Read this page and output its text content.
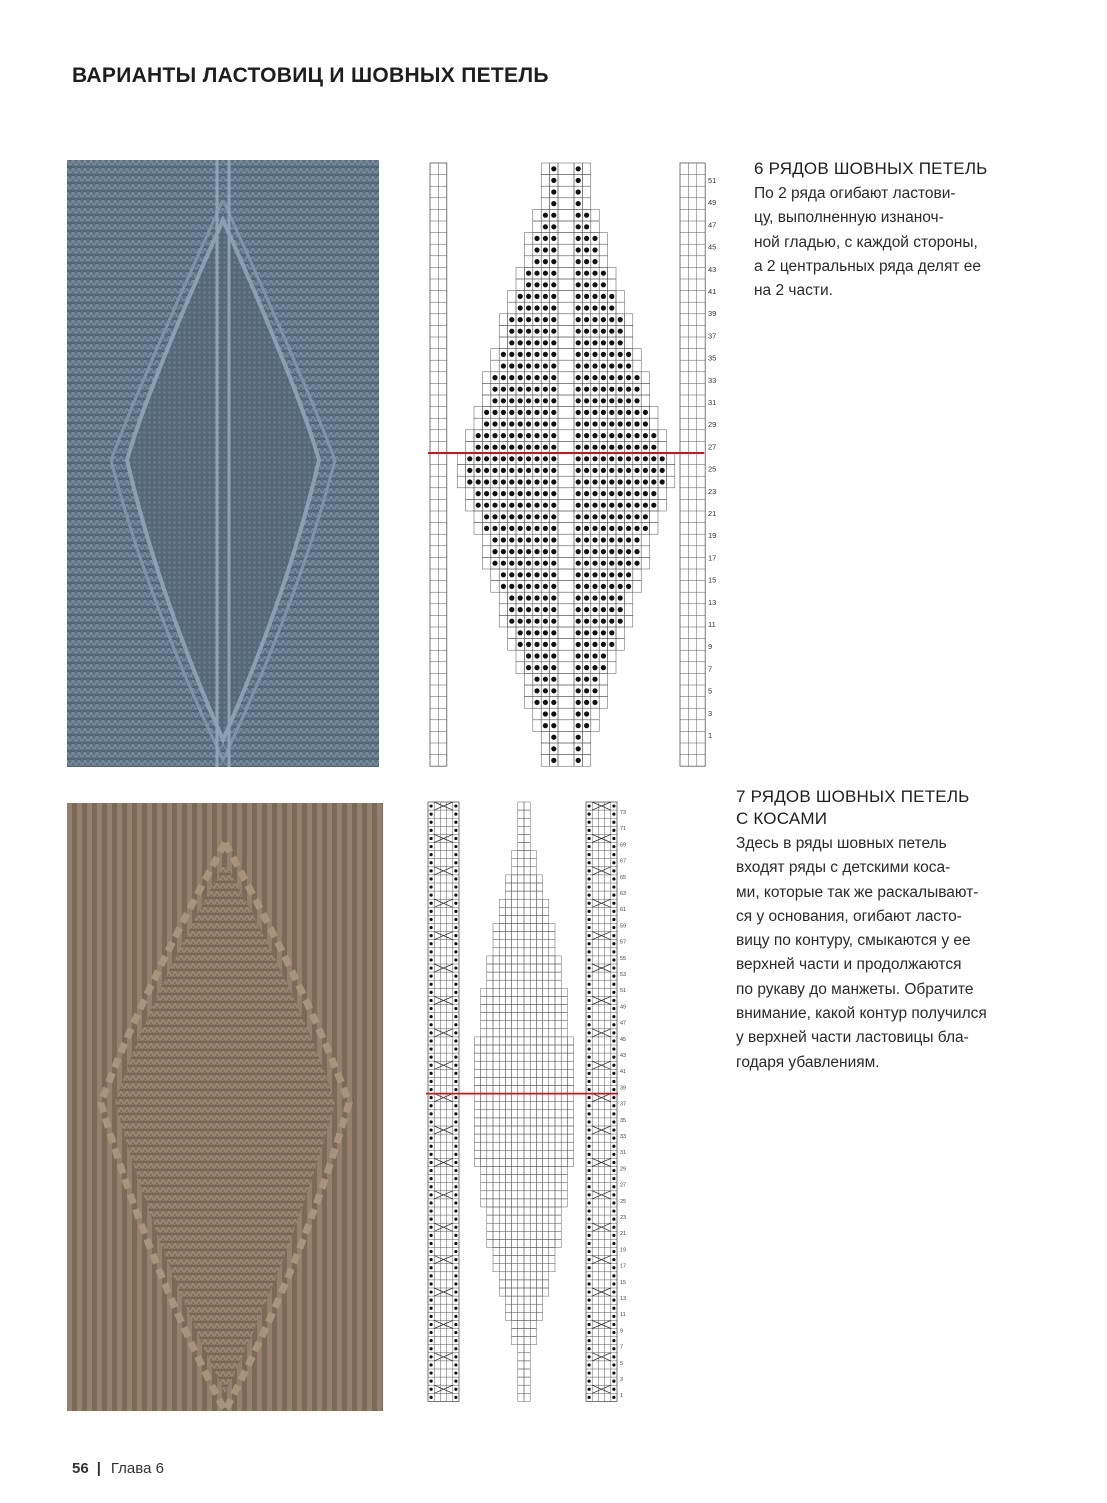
ВАРИАНТЫ ЛАСТОВИЦ И ШОВНЫХ ПЕТЕЛЬ
51
49
47
45
43
41
39
37
35
33
31
29
27
25
23
21
19
17
15
13
11
9
7
5
3
1
6 РЯДОВ ШОВНЫХ ПЕТЕЛЬ

По 2 ряда огибают ластови-

цу, выполненную изнаноч-

ной гладью, с каждой стороны,

а 2 центральных ряда делят ее

на 2 части.

73
71
69
67
65
63
61
59
57
55
53
51
49
47
45
43
41
39
37
35
33
31
29
27
25
23
21
19
17
15
13
11
9
7
5
3
1
7 РЯДОВ ШОВНЫХ ПЕТЕЛЬ
С КОСАМИ

Здесь в ряды шовных петель

входят ряды с детскими коса-

ми, которые так же раскалывают-

ся у основания, огибают ласто-

вицу по контуру, смыкаются у ее

верхней части и продолжаются

по рукаву до манжеты. Обратите

внимание, какой контур получился

у верхней части ластовицы бла-

годаря убавлениям.

56 | Глава 6
